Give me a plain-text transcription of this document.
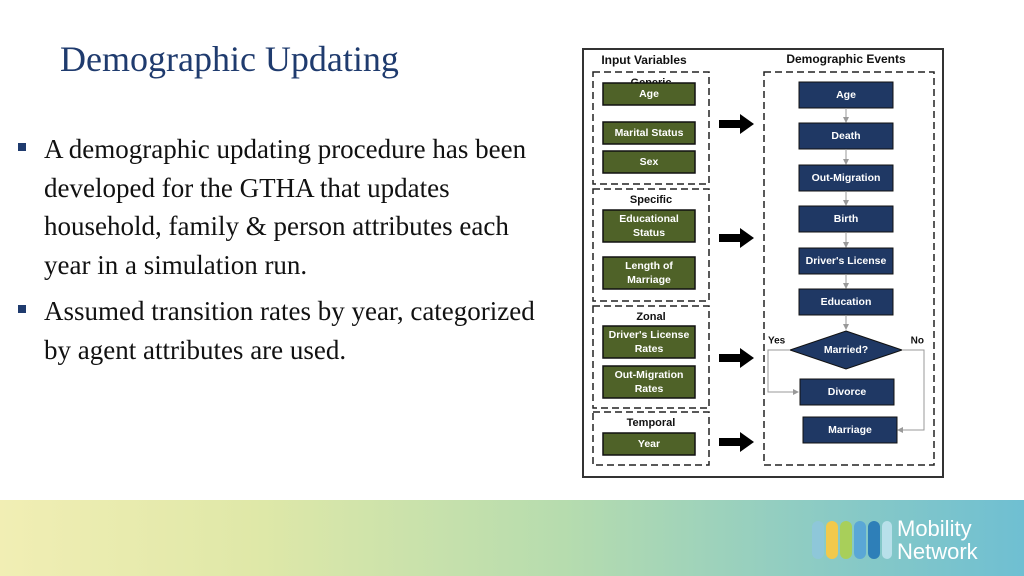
Demographic Updating
A demographic updating procedure has been developed for the GTHA that updates household, family & person attributes each year in a simulation run.
Assumed transition rates by year, categorized by agent attributes are used.
Input Variables	Demographic Events
Age
Marital Status
Sex
Specific
Educational
Status
Length of
Marriage
Zonal
Driver's License
Rates
Out-Migration
Rates
Temporal
Year
Age
Death
Out-Migration
Birth
Driver's License
Education
Married?
Yes	No
Divorce
Marriage
Mobility
Network
